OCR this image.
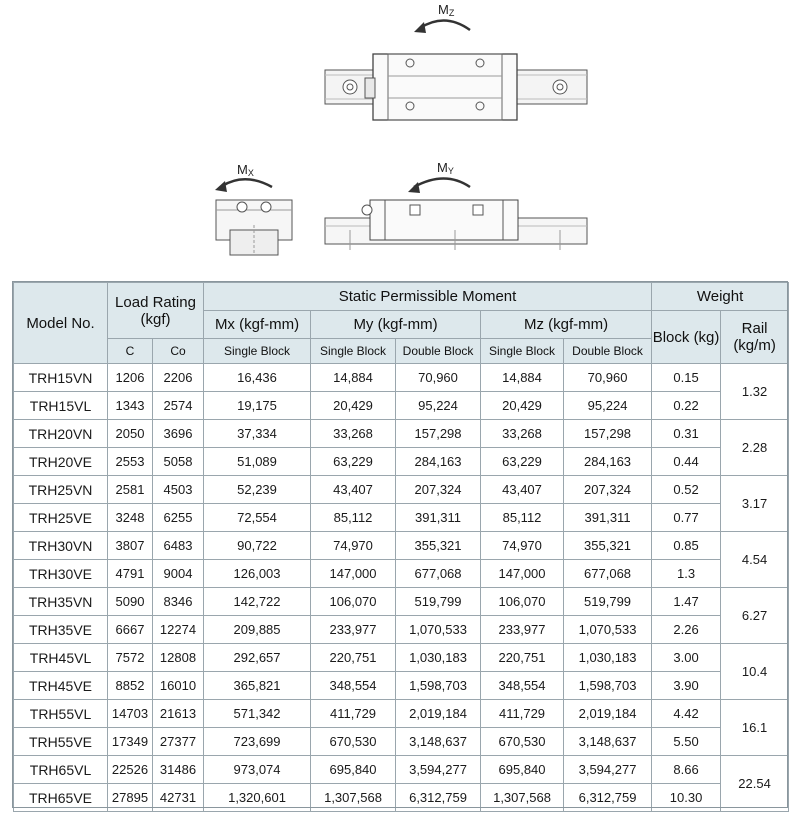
$M_Z$
$M_X$	$M_Y$
Model No.	Load Rating (kgf)		Static Permissible Moment					Weight	
			Mx (kgf-mm)	My (kgf-mm)		Mz (kgf-mm)		Block (kg)	Rail (kg/m)
	C	Co	Single Block	Single Block	Double Block	Single Block	Double Block		
TRH15VN	1206	2206	16,436	14,884	70,960	14,884	70,960	0.15	1.32
TRH15VL	1343	2574	19,175	20,429	95,224	20,429	95,224	0.22	
TRH20VN	2050	3696	37,334	33,268	157,298	33,268	157,298	0.31	2.28
TRH20VE	2553	5058	51,089	63,229	284,163	63,229	284,163	0.44	
TRH25VN	2581	4503	52,239	43,407	207,324	43,407	207,324	0.52	3.17
TRH25VE	3248	6255	72,554	85,112	391,311	85,112	391,311	0.77	
TRH30VN	3807	6483	90,722	74,970	355,321	74,970	355,321	0.85	4.54
TRH30VE	4791	9004	126,003	147,000	677,068	147,000	677,068	1.3	
TRH35VN	5090	8346	142,722	106,070	519,799	106,070	519,799	1.47	6.27
TRH35VE	6667	12274	209,885	233,977	1,070,533	233,977	1,070,533	2.26	
TRH45VL	7572	12808	292,657	220,751	1,030,183	220,751	1,030,183	3.00	10.4
TRH45VE	8852	16010	365,821	348,554	1,598,703	348,554	1,598,703	3.90	
TRH55VL	14703	21613	571,342	411,729	2,019,184	411,729	2,019,184	4.42	16.1
TRH55VE	17349	27377	723,699	670,530	3,148,637	670,530	3,148,637	5.50	
TRH65VL	22526	31486	973,074	695,840	3,594,277	695,840	3,594,277	8.66	22.54
TRH65VE	27895	42731	1,320,601	1,307,568	6,312,759	1,307,568	6,312,759	10.30	
